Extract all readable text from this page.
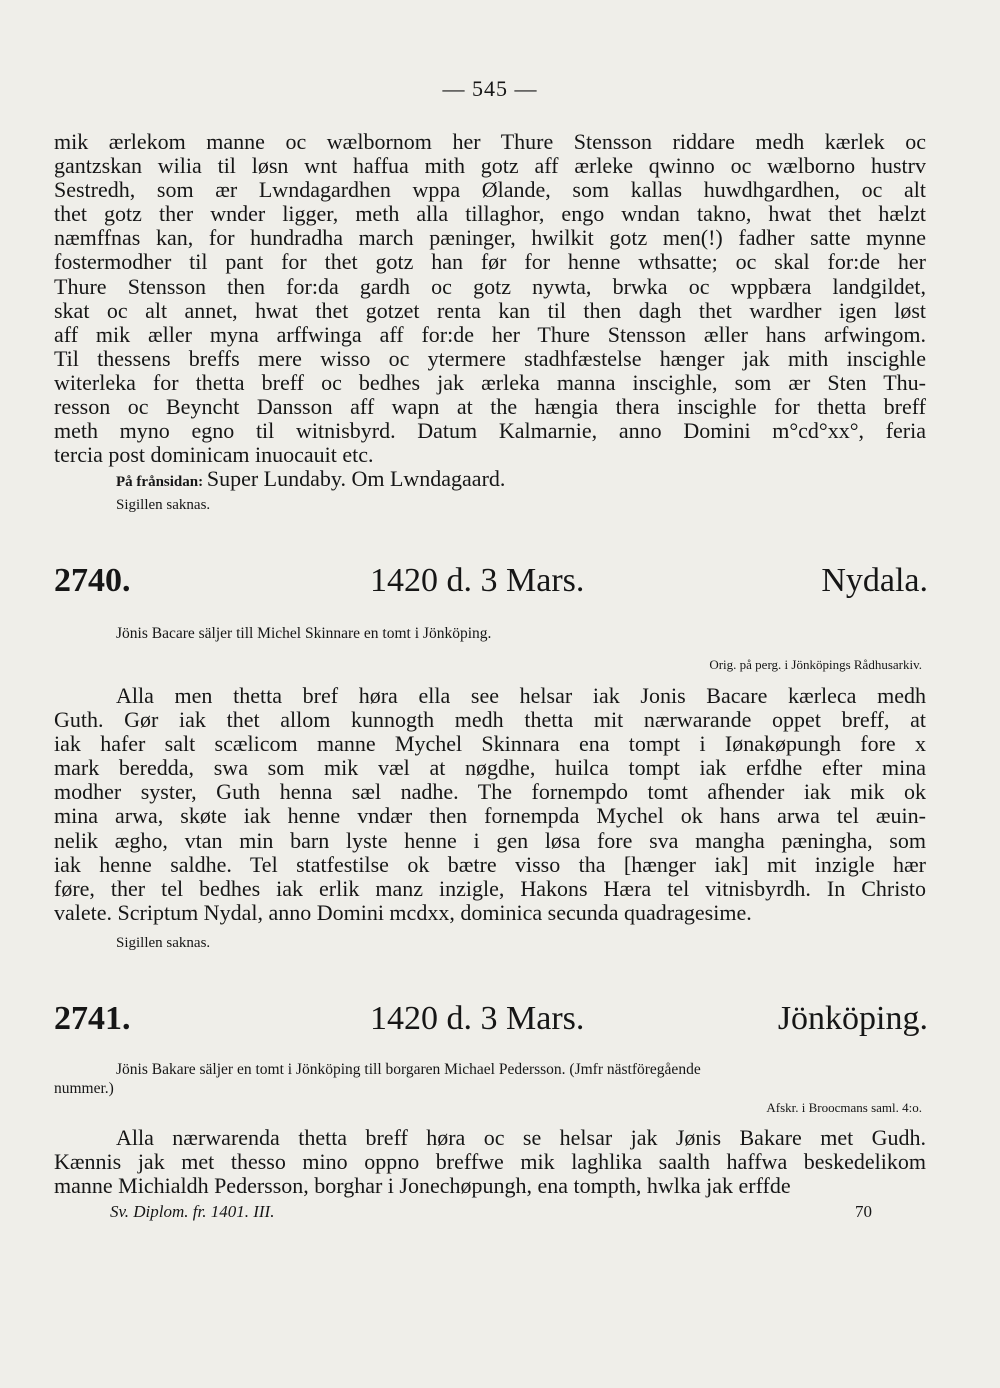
— 545 —
mik ærlekom manne oc wælbornom her Thure Stensson riddare medh kærlek oc
gantzskan wilia til løsn wnt haffua mith gotz aff ærleke qwinno oc wælborno hustrv
Sestredh, som ær Lwndagardhen wppa Ølande, som kallas huwdhgardhen, oc alt
thet gotz ther wnder ligger, meth alla tillaghor, engo wndan takno, hwat thet hælzt
næmffnas kan, for hundradha march pæninger, hwilkit gotz men(!) fadher satte mynne
fostermodher til pant for thet gotz han før for henne wthsatte; oc skal for:de her
Thure Stensson then for:da gardh oc gotz nywta, brwka oc wppbæra landgildet,
skat oc alt annet, hwat thet gotzet renta kan til then dagh thet wardher igen løst
aff mik æller myna arffwinga aff for:de her Thure Stensson æller hans arfwingom.
Til thessens breffs mere wisso oc ytermere stadhfæstelse hænger jak mith inscighle
witerleka for thetta breff oc bedhes jak ærleka manna inscighle, som ær Sten Thu-
resson oc Beyncht Dansson aff wapn at the hængia thera inscighle for thetta breff
meth myno egno til witnisbyrd. Datum Kalmarnie, anno Domini m°cd°xx°, feria
tercia post dominicam inuocauit etc.
På frånsidan: Super Lundaby. Om Lwndagaard.
Sigillen saknas.
2740.	1420 d. 3 Mars.	Nydala.
Jönis Bacare säljer till Michel Skinnare en tomt i Jönköping.
Orig. på perg. i Jönköpings Rådhusarkiv.
Alla men thetta bref høra ella see helsar iak Jonis Bacare kærleca medh
Guth. Gør iak thet allom kunnogth medh thetta mit nærwarande oppet breff, at
iak hafer salt scælicom manne Mychel Skinnara ena tompt i Iønakøpungh fore x
mark beredda, swa som mik væl at nøgdhe, huilca tompt iak erfdhe efter mina
modher syster, Guth henna sæl nadhe. The fornempdo tomt afhender iak mik ok
mina arwa, skøte iak henne vndær then fornempda Mychel ok hans arwa tel æuin-
nelik ægho, vtan min barn lyste henne i gen løsa fore sva mangha pæningha, som
iak henne saldhe. Tel statfestilse ok bætre visso tha [hænger iak] mit inzigle hær
føre, ther tel bedhes iak erlik manz inzigle, Hakons Hæra tel vitnisbyrdh. In Christo
valete. Scriptum Nydal, anno Domini mcdxx, dominica secunda quadragesime.
Sigillen saknas.
2741.	1420 d. 3 Mars.	Jönköping.
Jönis Bakare säljer en tomt i Jönköping till borgaren Michael Pedersson. (Jmfr nästföregående
nummer.)
Afskr. i Broocmans saml. 4:o.
Alla nærwarenda thetta breff høra oc se helsar jak Jønis Bakare met Gudh.
Kænnis jak met thesso mino oppno breffwe mik laghlika saalth haffwa beskedelikom
manne Michialdh Pedersson, borghar i Jonechøpungh, ena tompth, hwlka jak erffde
Sv. Diplom. fr. 1401. III.	70
